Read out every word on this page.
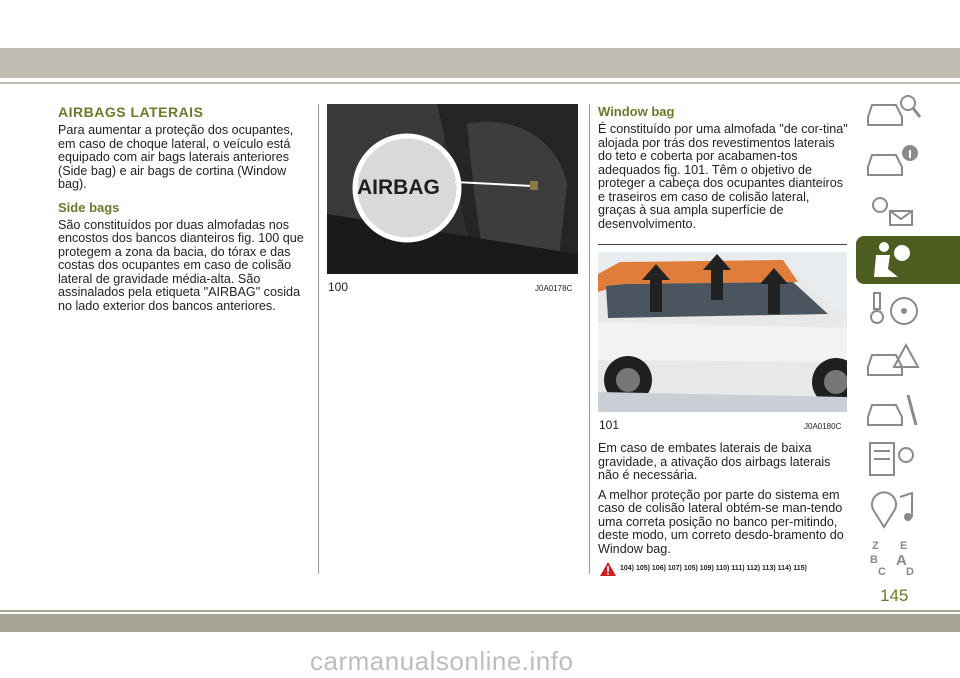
AIRBAGS LATERAIS

Para aumentar a proteção dos ocupantes, em caso de choque lateral, o veículo está equipado com air bags laterais anteriores (Side bag) e air bags de cortina (Window bag).

Side bags

São constituídos por duas almofadas nos encostos dos bancos dianteiros fig. 100 que protegem a zona da bacia, do tórax e das costas dos ocupantes em caso de colisão lateral de gravidade média-alta. São assinalados pela etiqueta "AIRBAG" cosida no lado exterior dos bancos anteriores.

AIRBAG
100	J0A0178C
Window bag

É constituído por uma almofada "de cor-tina" alojada por trás dos revestimentos laterais do teto e coberta por acabamen-tos adequados fig. 101. Têm o objetivo de proteger a cabeça dos ocupantes dianteiros e traseiros em caso de colisão lateral, graças à sua ampla superfície de desenvolvimento.

101	J0A0180C

Em caso de embates laterais de baixa gravidade, a ativação dos airbags laterais não é necessária.

A melhor proteção por parte do sistema em caso de colisão lateral obtém-se man-tendo uma correta posição no banco per-mitindo, deste modo, um correto desdo-bramento do Window bag.

104) 105) 106) 107) 105) 109) 110) 111) 112) 113) 114) 115)
Z E
B A
C D
145
carmanualsonline.info
